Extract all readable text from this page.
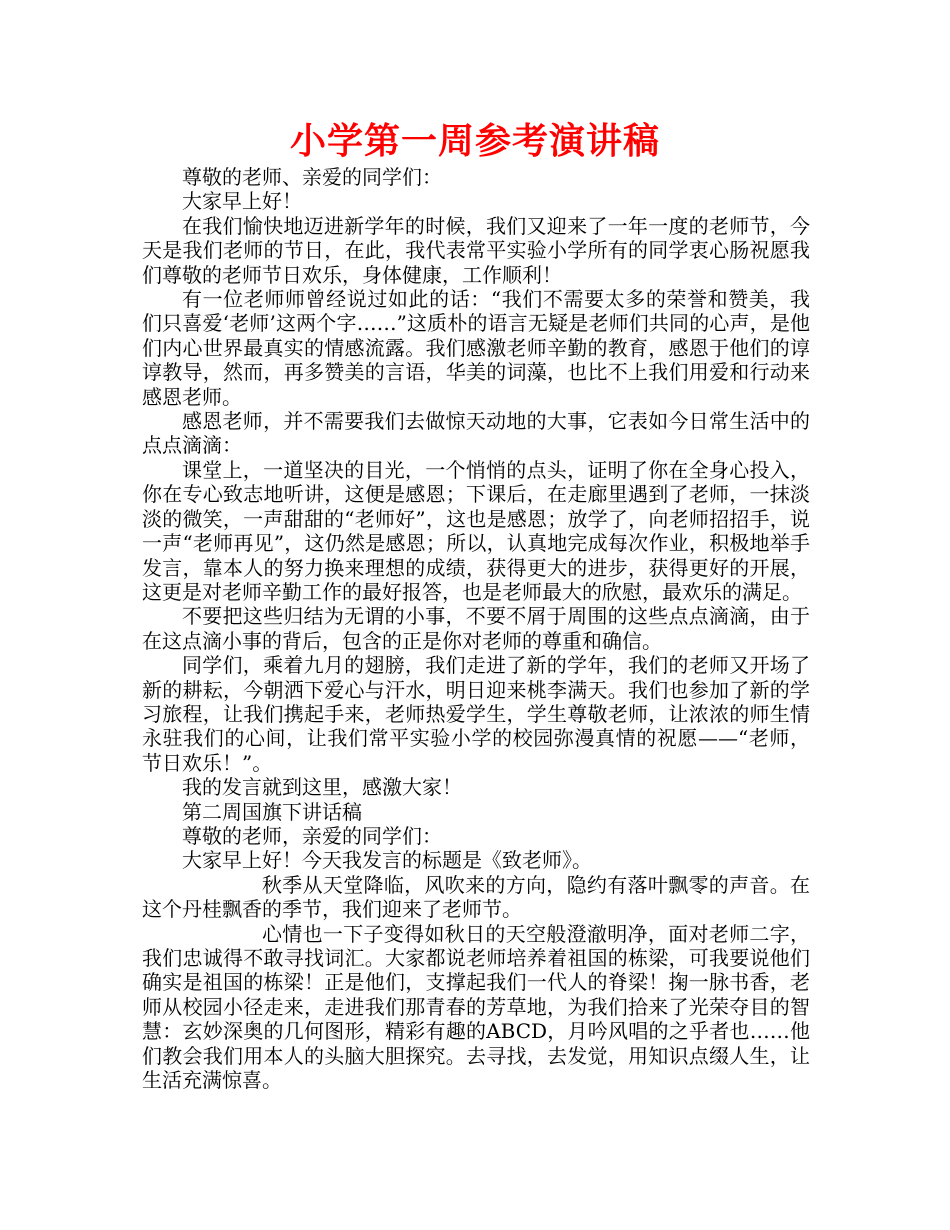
小学第一周参考演讲稿

尊敬的老师、亲爱的同学们：

大家早上好！

在我们愉快地迈进新学年的时候，我们又迎来了一年一度的老师节，今天是我们老师的节日，在此，我代表常平实验小学所有的同学衷心肠祝愿我们尊敬的老师节日欢乐，身体健康，工作顺利！

有一位老师师曾经说过如此的话：“我们不需要太多的荣誉和赞美，我们只喜爱‘老师’这两个字……”这质朴的语言无疑是老师们共同的心声，是他们内心世界最真实的情感流露。我们感激老师辛勤的教育，感恩于他们的谆谆教导，然而，再多赞美的言语，华美的词藻，也比不上我们用爱和行动来感恩老师。

感恩老师，并不需要我们去做惊天动地的大事，它表如今日常生活中的点点滴滴：

课堂上，一道坚决的目光，一个悄悄的点头，证明了你在全身心投入，你在专心致志地听讲，这便是感恩；下课后，在走廊里遇到了老师，一抹淡淡的微笑，一声甜甜的“老师好”，这也是感恩；放学了，向老师招招手，说一声“老师再见”，这仍然是感恩；所以，认真地完成每次作业，积极地举手发言，靠本人的努力换来理想的成绩，获得更大的进步，获得更好的开展，这更是对老师辛勤工作的最好报答，也是老师最大的欣慰，最欢乐的满足。

不要把这些归结为无谓的小事，不要不屑于周围的这些点点滴滴，由于在这点滴小事的背后，包含的正是你对老师的尊重和确信。

同学们，乘着九月的翅膀，我们走进了新的学年，我们的老师又开场了新的耕耘，今朝洒下爱心与汗水，明日迎来桃李满天。我们也参加了新的学习旅程，让我们携起手来，老师热爱学生，学生尊敬老师，让浓浓的师生情永驻我们的心间，让我们常平实验小学的校园弥漫真情的祝愿——“老师，节日欢乐！”。

我的发言就到这里，感激大家！

第二周国旗下讲话稿

尊敬的老师，亲爱的同学们：

大家早上好！今天我发言的标题是《致老师》。

秋季从天堂降临，风吹来的方向，隐约有落叶飘零的声音。在这个丹桂飘香的季节，我们迎来了老师节。

心情也一下子变得如秋日的天空般澄澈明净，面对老师二字，我们忠诚得不敢寻找词汇。大家都说老师培养着祖国的栋梁，可我要说他们确实是祖国的栋梁！正是他们，支撑起我们一代人的脊梁！掬一脉书香，老师从校园小径走来，走进我们那青春的芳草地，为我们拾来了光荣夺目的智慧：玄妙深奥的几何图形，精彩有趣的ABCD，月吟风唱的之乎者也……他们教会我们用本人的头脑大胆探究。去寻找，去发觉，用知识点缀人生，让生活充满惊喜。
